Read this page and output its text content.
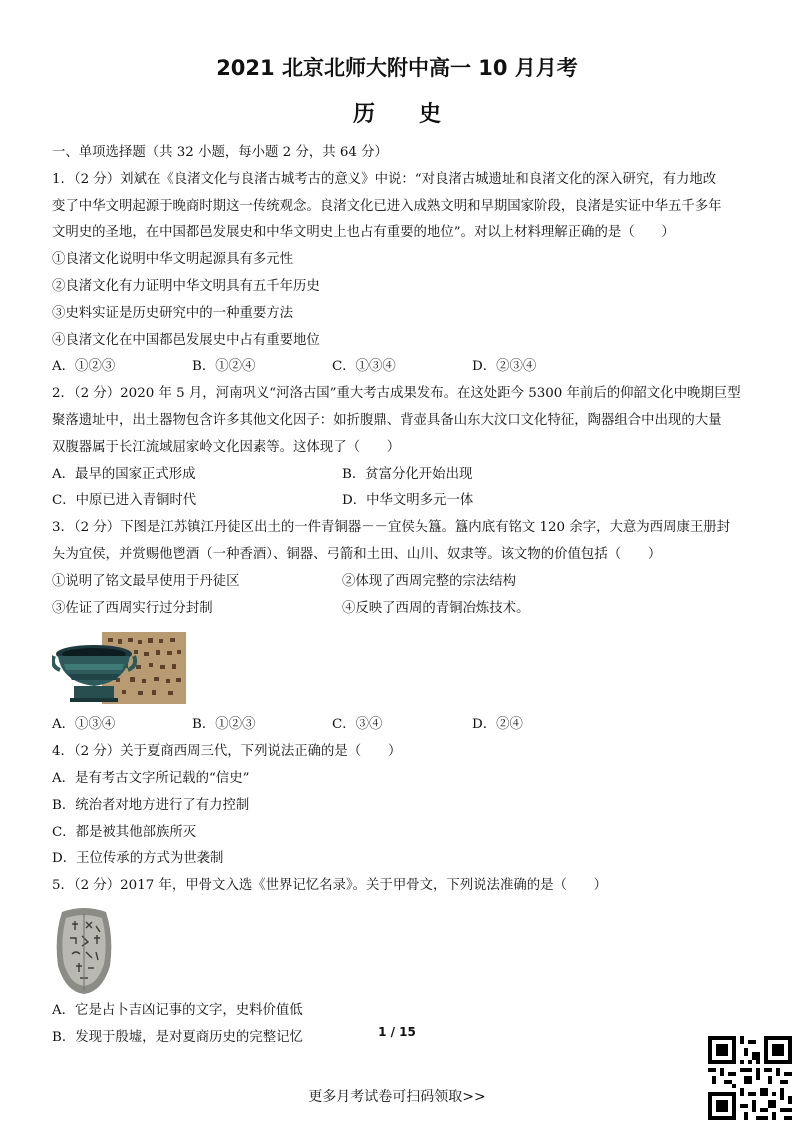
2021 北京北师大附中高一 10 月月考
历史
一、单项选择题（共 32 小题，每小题 2 分，共 64 分）
1．（2 分）刘斌在《良渚文化与良渚古城考古的意义》中说：“对良渚古城遗址和良渚文化的深入研究，有力地改
变了中华文明起源于晚商时期这一传统观念。良渚文化已进入成熟文明和早期国家阶段，良渚是实证中华五千多年
文明史的圣地，在中国都邑发展史和中华文明史上也占有重要的地位”。对以上材料理解正确的是（　　）
①良渚文化说明中华文明起源具有多元性
②良渚文化有力证明中华文明具有五千年历史
③史料实证是历史研究中的一种重要方法
④良渚文化在中国都邑发展史中占有重要地位
A．①②③	B．①②④	C．①③④	D．②③④
2．（2 分）2020 年 5 月，河南巩义“河洛古国”重大考古成果发布。在这处距今 5300 年前后的仰韶文化中晚期巨型
聚落遗址中，出土器物包含许多其他文化因子：如折腹鼎、背壶具备山东大汶口文化特征，陶器组合中出现的大量
双腹器属于长江流域屈家岭文化因素等。这体现了（　　）
A．最早的国家正式形成	B．贫富分化开始出现
C．中原已进入青铜时代	D．中华文明多元一体
3．（2 分）下图是江苏镇江丹徒区出土的一件青铜器－－宜侯夨簋。簋内底有铭文 120 余字，大意为西周康王册封
夨为宜侯，并赏赐他鬯酒（一种香酒）、铜器、弓箭和土田、山川、奴隶等。该文物的价值包括（　　）
①说明了铭文最早使用于丹徒区	②体现了西周完整的宗法结构
③佐证了西周实行过分封制	④反映了西周的青铜冶炼技术。
A．①③④	B．①②③	C．③④	D．②④
4．（2 分）关于夏商西周三代，下列说法正确的是（　　）
A．是有考古文字所记载的“信史”
B．统治者对地方进行了有力控制
C．都是被其他部族所灭
D．王位传承的方式为世袭制
5．（2 分）2017 年，甲骨文入选《世界记忆名录》。关于甲骨文，下列说法准确的是（　　）
A．它是占卜吉凶记事的文字，史料价值低
B．发现于殷墟，是对夏商历史的完整记忆	1 / 15
更多月考试卷可扫码领取>>
